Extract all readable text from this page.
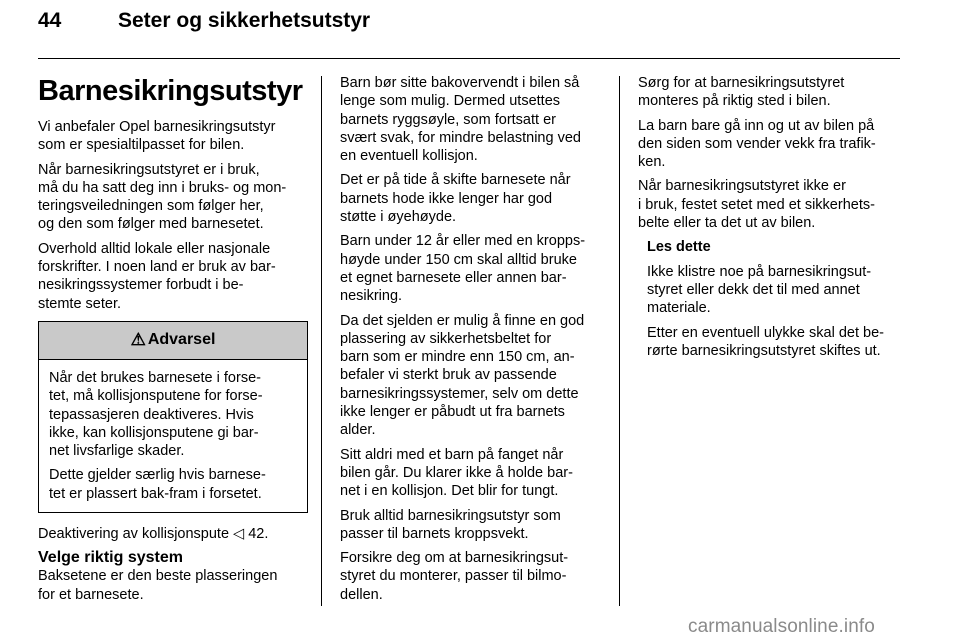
44	Seter og sikkerhetsutstyr
Barnesikringsutstyr

Vi anbefaler Opel barnesikringsutstyr
som er spesialtilpasset for bilen.

Når barnesikringsutstyret er i bruk,
må du ha satt deg inn i bruks- og mon-
teringsveiledningen som følger her,
og den som følger med barnesetet.

Overhold alltid lokale eller nasjonale
forskrifter. I noen land er bruk av bar-
nesikringssystemer forbudt i be-
stemte seter.

⚠ Advarsel

Når det brukes barnesete i forse-
tet, må kollisjonsputene for forse-
tepassasjeren deaktiveres. Hvis
ikke, kan kollisjonsputene gi bar-
net livsfarlige skader.

Dette gjelder særlig hvis barnese-
tet er plassert bak-fram i forsetet.

Deaktivering av kollisjonspute ◁ 42.

Velge riktig system

Baksetene er den beste plasseringen
for et barnesete.

Barn bør sitte bakovervendt i bilen så
lenge som mulig. Dermed utsettes
barnets ryggsøyle, som fortsatt er
svært svak, for mindre belastning ved
en eventuell kollisjon.

Det er på tide å skifte barnesete når
barnets hode ikke lenger har god
støtte i øyehøyde.

Barn under 12 år eller med en kropps-
høyde under 150 cm skal alltid bruke
et egnet barnesete eller annen bar-
nesikring.

Da det sjelden er mulig å finne en god
plassering av sikkerhetsbeltet for
barn som er mindre enn 150 cm, an-
befaler vi sterkt bruk av passende
barnesikringssystemer, selv om dette
ikke lenger er påbudt ut fra barnets
alder.

Sitt aldri med et barn på fanget når
bilen går. Du klarer ikke å holde bar-
net i en kollisjon. Det blir for tungt.

Bruk alltid barnesikringsutstyr som
passer til barnets kroppsvekt.

Forsikre deg om at barnesikringsut-
styret du monterer, passer til bilmo-
dellen.

Sørg for at barnesikringsutstyret
monteres på riktig sted i bilen.

La barn bare gå inn og ut av bilen på
den siden som vender vekk fra trafik-
ken.

Når barnesikringsutstyret ikke er
i bruk, festet setet med et sikkerhets-
belte eller ta det ut av bilen.

Les dette

Ikke klistre noe på barnesikringsut-
styret eller dekk det til med annet
materiale.

Etter en eventuell ulykke skal det be-
rørte barnesikringsutstyret skiftes ut.

carmanualsonline.info
